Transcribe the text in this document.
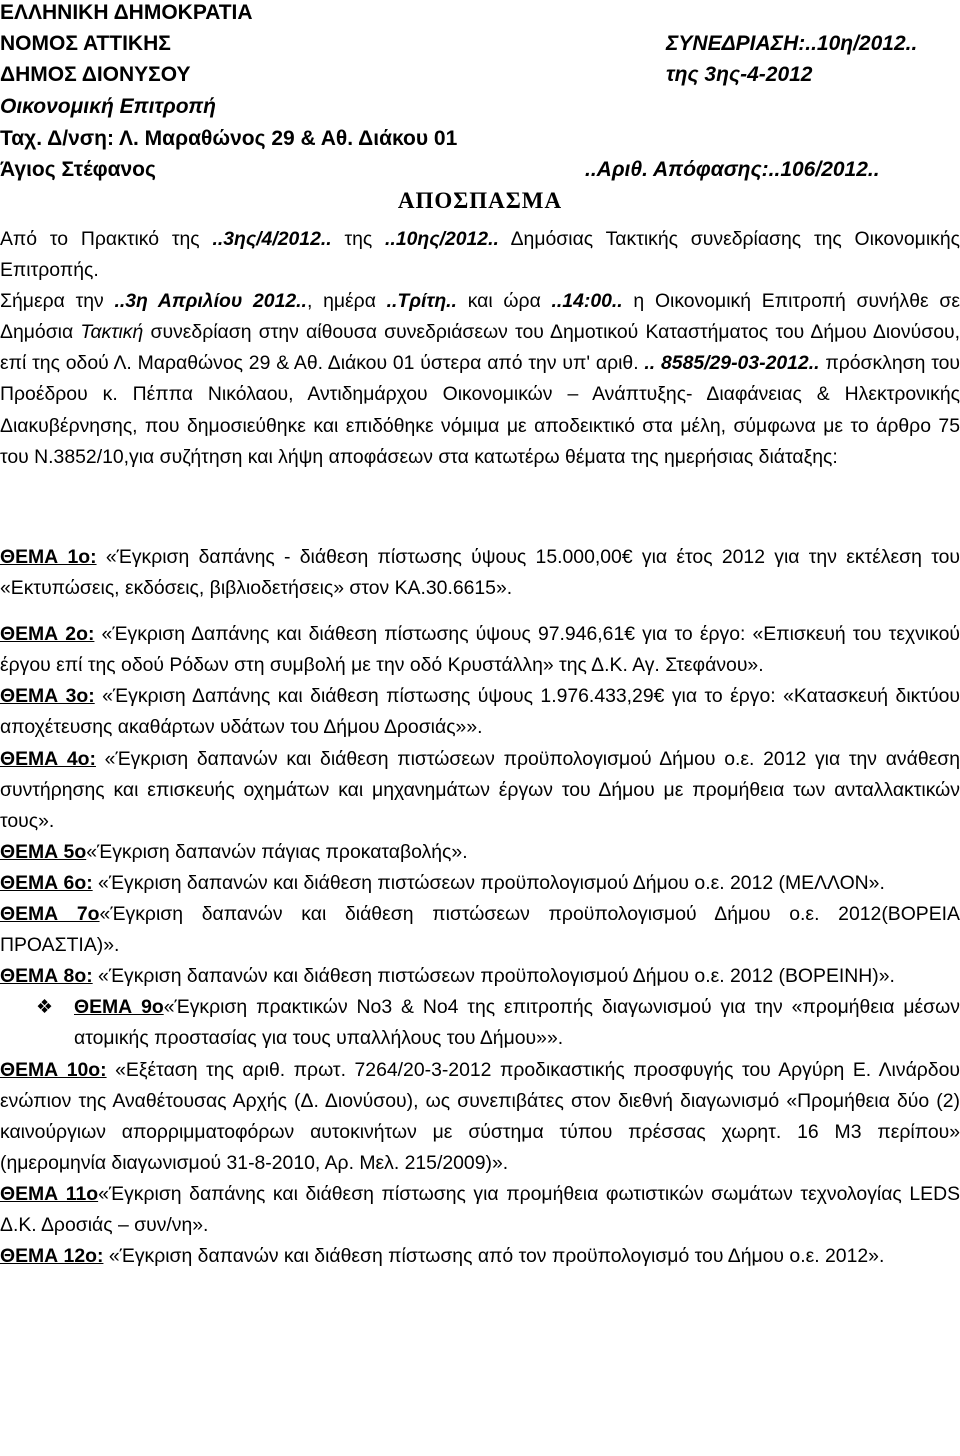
ΕΛΛΗΝΙΚΗ ΔΗΜΟΚΡΑΤΙΑ
ΝΟΜΟΣ ΑΤΤΙΚΗΣ
ΔΗΜΟΣ ΔΙΟΝΥΣΟΥ
Οικονομική Επιτροπή
Ταχ. Δ/νση: Λ. Μαραθώνος 29 & Αθ. Διάκου 01
Άγιος Στέφανος
ΣΥΝΕΔΡΙΑΣΗ:..10η/2012..
της 3ης-4-2012
..Αριθ. Απόφασης:..106/2012..
ΑΠΟΣΠΑΣΜΑ

Από το Πρακτικό της ..3ης/4/2012.. της ..10ης/2012.. Δημόσιας Τακτικής συνεδρίασης της Οικονομικής Επιτροπής.

Σήμερα την ..3η Απριλίου 2012.., ημέρα ..Τρίτη.. και ώρα ..14:00.. η Οικονομική Επιτροπή συνήλθε σε Δημόσια Τακτική συνεδρίαση στην αίθουσα συνεδριάσεων του Δημοτικού Καταστήματος του Δήμου Διονύσου, επί της οδού Λ. Μαραθώνος 29 & Αθ. Διάκου 01 ύστερα από την υπ' αριθ. .. 8585/29-03-2012.. πρόσκληση του Προέδρου κ. Πέππα Νικόλαου, Αντιδημάρχου Οικονομικών – Ανάπτυξης- Διαφάνειας & Ηλεκτρονικής Διακυβέρνησης, που δημοσιεύθηκε και επιδόθηκε νόμιμα με αποδεικτικό στα μέλη, σύμφωνα με το άρθρο 75 του Ν.3852/10,για συζήτηση και λήψη αποφάσεων στα κατωτέρω θέματα της ημερήσιας διάταξης:

ΘΕΜΑ 1ο: «Έγκριση δαπάνης - διάθεση πίστωσης ύψους 15.000,00€ για έτος 2012 για την εκτέλεση του «Εκτυπώσεις, εκδόσεις, βιβλιοδετήσεις» στον ΚΑ.30.6615».

ΘΕΜΑ 2ο: «Έγκριση Δαπάνης και διάθεση πίστωσης ύψους 97.946,61€ για το έργο: «Επισκευή του τεχνικού έργου επί της οδού Ρόδων στη συμβολή με την οδό Κρυστάλλη» της Δ.Κ. Αγ. Στεφάνου».

ΘΕΜΑ 3ο: «Έγκριση Δαπάνης και διάθεση πίστωσης ύψους 1.976.433,29€ για το έργο: «Κατασκευή δικτύου αποχέτευσης ακαθάρτων υδάτων του Δήμου Δροσιάς»».

ΘΕΜΑ 4ο: «Έγκριση δαπανών και διάθεση πιστώσεων προϋπολογισμού Δήμου ο.ε. 2012 για την ανάθεση συντήρησης και επισκευής οχημάτων και μηχανημάτων έργων του Δήμου με προμήθεια των ανταλλακτικών τους».

ΘΕΜΑ 5ο«Έγκριση δαπανών πάγιας προκαταβολής».

ΘΕΜΑ 6ο: «Έγκριση δαπανών και διάθεση πιστώσεων προϋπολογισμού Δήμου ο.ε. 2012 (ΜΕΛΛΟΝ».

ΘΕΜΑ 7ο«Έγκριση δαπανών και διάθεση πιστώσεων προϋπολογισμού Δήμου ο.ε. 2012(ΒΟΡΕΙΑ ΠΡΟΑΣΤΙΑ)».

ΘΕΜΑ 8ο: «Έγκριση δαπανών και διάθεση πιστώσεων προϋπολογισμού Δήμου ο.ε. 2012 (ΒΟΡΕΙΝΗ)».

❖ ΘΕΜΑ 9ο«Έγκριση πρακτικών Νο3 & Νο4 της επιτροπής διαγωνισμού για την «προμήθεια μέσων ατομικής προστασίας για τους υπαλλήλους του Δήμου»».

ΘΕΜΑ 10ο: «Εξέταση της αριθ. πρωτ. 7264/20-3-2012 προδικαστικής προσφυγής του Αργύρη Ε. Λινάρδου ενώπιον της Αναθέτουσας Αρχής (Δ. Διονύσου), ως συνεπιβάτες στον διεθνή διαγωνισμό «Προμήθεια δύο (2) καινούργιων απορριμματοφόρων αυτοκινήτων με σύστημα τύπου πρέσσας χωρητ. 16 Μ3 περίπου» (ημερομηνία διαγωνισμού 31-8-2010, Αρ. Μελ. 215/2009)».

ΘΕΜΑ 11ο«Έγκριση δαπάνης και διάθεση πίστωσης για προμήθεια φωτιστικών σωμάτων τεχνολογίας LEDS Δ.Κ. Δροσιάς – συν/νη».

ΘΕΜΑ 12ο: «Έγκριση δαπανών και διάθεση πίστωσης από τον προϋπολογισμό του Δήμου ο.ε. 2012».
